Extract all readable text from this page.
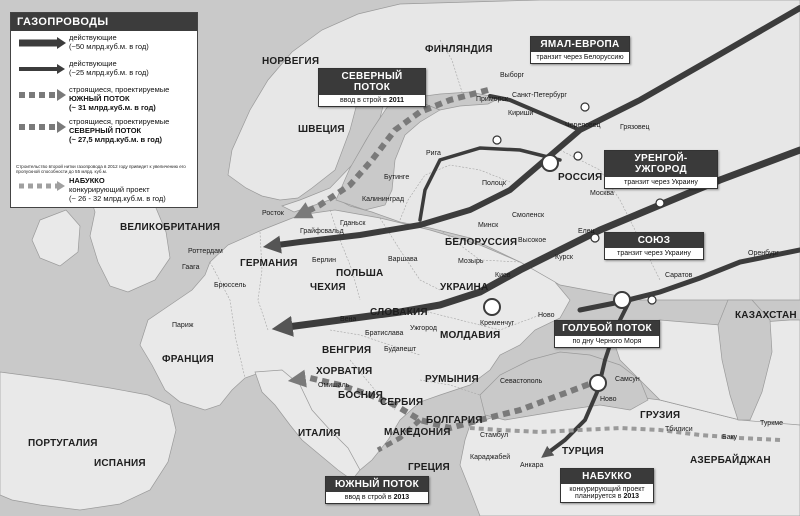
ГАЗОПРОВОДЫ
действующие
(~50 млрд.куб.м. в год)
действующие
(~25 млрд.куб.м. в год)
строящиеся, проектируемые
ЮЖНЫЙ ПОТОК
(~ 31 млрд.куб.м. в год)
строящиеся, проектируемые
СЕВЕРНЫЙ ПОТОК
(~ 27,5 млрд.куб.м. в год)
Строительство второй нитки газопровода в 2012 году приведет к увеличению его пропускной способности до 55 млрд. куб.м.
НАБУККО
конкурирующий проект
(~ 26 - 32 млрд.куб.м. в год)
СЕВЕРНЫЙ ПОТОК
ввод в строй в 2011
ЯМАЛ-ЕВРОПА
транзит через Белоруссию
УРЕНГОЙ-УЖГОРОД
транзит через Украину
СОЮЗ
транзит через Украину
ГОЛУБОЙ ПОТОК
по дну Черного Моря
ЮЖНЫЙ ПОТОК
ввод в строй в 2013
НАБУККО
конкурирующий проект
планируется в 2013
НОРВЕГИЯ
ФИНЛЯНДИЯ
ШВЕЦИЯ
ВЕЛИКОБРИТАНИЯ
ГЕРМАНИЯ
ПОЛЬША
БЕЛОРУССИЯ
РОССИЯ
УКРАИНА
ЧЕХИЯ
СЛОВАКИЯ
ВЕНГРИЯ
МОЛДАВИЯ
КАЗАХСТАН
ФРАНЦИЯ
ХОРВАТИЯ
БОСНИЯ
СЕРБИЯ
РУМЫНИЯ
БОЛГАРИЯ
ИТАЛИЯ	МАКЕДОНИЯ
ПОРТУГАЛИЯ
ИСПАНИЯ	ГРЕЦИЯ
ТУРЦИЯ
ГРУЗИЯ
АЗЕРБАЙДЖАН
Выборг
Приморск
Санкт-Петербург
Кириши
Череповец	Грязовец
Рига
Бутинге
Калининград
Гданьск
Росток
Грайфсвальд
Полоцк
Минск
Смоленск
Высокое
Москва
Берлин	Варшава	Мозырь
Киев
Курск
Елец
Оренбург
Саратов
Роттердам
Гаага
Брюссель
Париж
Вена
Братислава
Ужгород
Кременчуг
Ново
Будапешт
Омишаль
Севастополь	Самсун
Ново
Тбилиси
Туркме
Баку
Стамбул
Караджабей
Анкара
